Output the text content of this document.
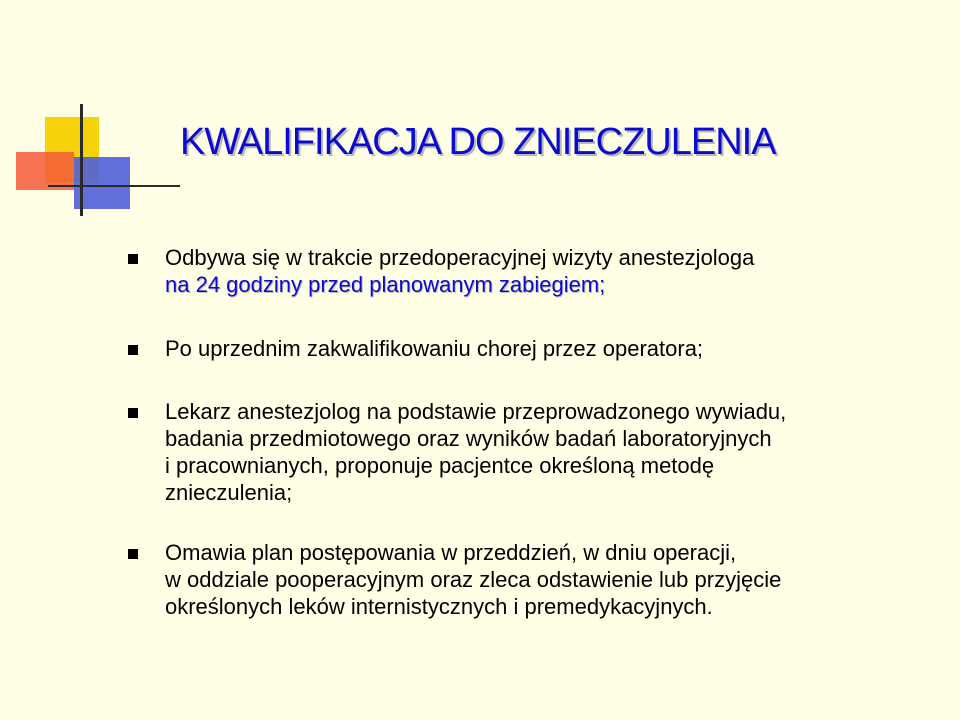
KWALIFIKACJA DO ZNIECZULENIA
Odbywa się w trakcie przedoperacyjnej wizyty anestezjologa
na 24 godziny przed planowanym zabiegiem;
Po uprzednim zakwalifikowaniu chorej przez operatora;
Lekarz anestezjolog na podstawie przeprowadzonego wywiadu,
badania przedmiotowego oraz wyników badań laboratoryjnych
i pracownianych, proponuje pacjentce określoną metodę
znieczulenia;
Omawia plan postępowania w przeddzień, w dniu operacji,
w oddziale pooperacyjnym oraz zleca odstawienie lub przyjęcie
określonych leków internistycznych i premedykacyjnych.
